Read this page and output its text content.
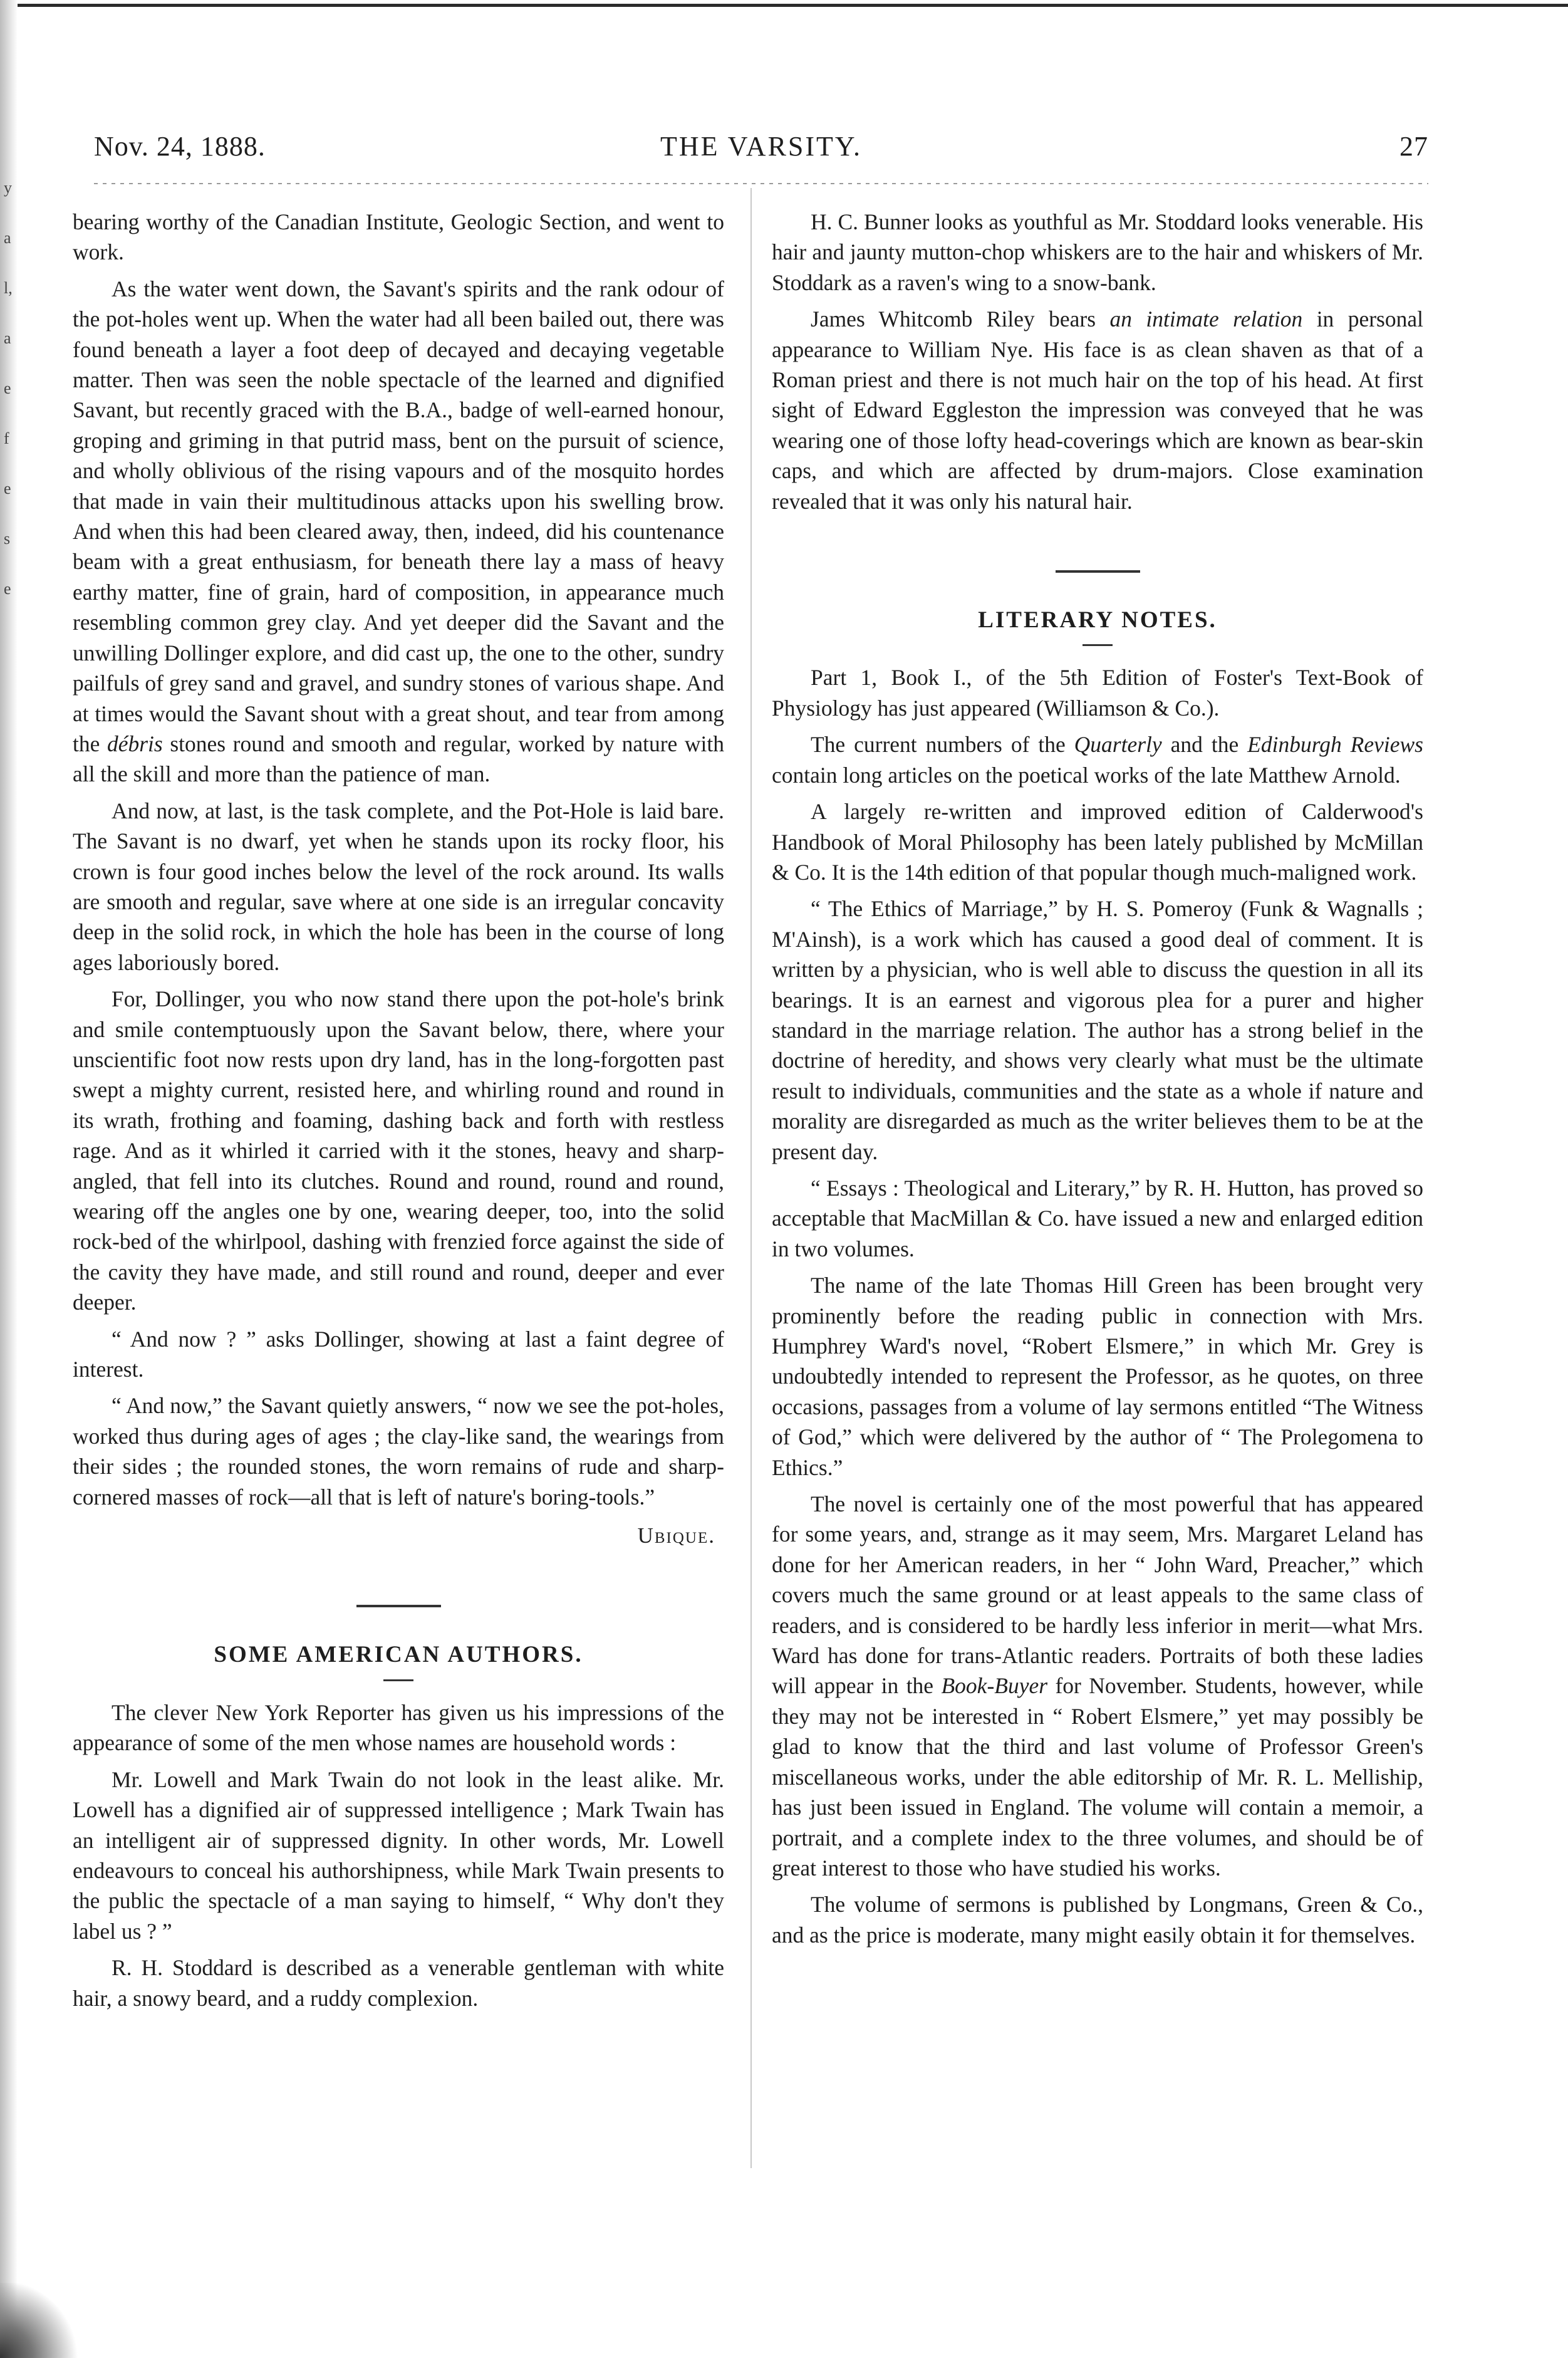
y
a
l,
a
e
f
e
s
e
THE VARSITY.
Nov. 24, 1888.	27

bearing worthy of the Canadian Institute, Geologic Section, and went to work.

As the water went down, the Savant's spirits and the rank odour of the pot-holes went up. When the water had all been bailed out, there was found beneath a layer a foot deep of decayed and decaying vegetable matter. Then was seen the noble spectacle of the learned and dignified Savant, but recently graced with the B.A., badge of well-earned honour, groping and griming in that putrid mass, bent on the pursuit of science, and wholly oblivious of the rising vapours and of the mosquito hordes that made in vain their multitudinous attacks upon his swelling brow. And when this had been cleared away, then, indeed, did his countenance beam with a great enthusiasm, for beneath there lay a mass of heavy earthy matter, fine of grain, hard of composition, in appearance much resembling common grey clay. And yet deeper did the Savant and the unwilling Dollinger explore, and did cast up, the one to the other, sundry pailfuls of grey sand and gravel, and sundry stones of various shape. And at times would the Savant shout with a great shout, and tear from among the débris stones round and smooth and regular, worked by nature with all the skill and more than the patience of man.

And now, at last, is the task complete, and the Pot-Hole is laid bare. The Savant is no dwarf, yet when he stands upon its rocky floor, his crown is four good inches below the level of the rock around. Its walls are smooth and regular, save where at one side is an irregular concavity deep in the solid rock, in which the hole has been in the course of long ages laboriously bored.

For, Dollinger, you who now stand there upon the pot-hole's brink and smile contemptuously upon the Savant below, there, where your unscientific foot now rests upon dry land, has in the long-forgotten past swept a mighty current, resisted here, and whirling round and round in its wrath, frothing and foaming, dashing back and forth with restless rage. And as it whirled it carried with it the stones, heavy and sharp-angled, that fell into its clutches. Round and round, round and round, wearing off the angles one by one, wearing deeper, too, into the solid rock-bed of the whirlpool, dashing with frenzied force against the side of the cavity they have made, and still round and round, deeper and ever deeper.

“ And now ? ” asks Dollinger, showing at last a faint degree of interest.

“ And now,” the Savant quietly answers, “ now we see the pot-holes, worked thus during ages of ages ; the clay-like sand, the wearings from their sides ; the rounded stones, the worn remains of rude and sharp-cornered masses of rock—all that is left of nature's boring-tools.”

Ubique.
SOME AMERICAN AUTHORS.

The clever New York Reporter has given us his impressions of the appearance of some of the men whose names are household words :

Mr. Lowell and Mark Twain do not look in the least alike. Mr. Lowell has a dignified air of suppressed intelligence ; Mark Twain has an intelligent air of suppressed dignity. In other words, Mr. Lowell endeavours to conceal his authorshipness, while Mark Twain presents to the public the spectacle of a man saying to himself, “ Why don't they label us ? ”

R. H. Stoddard is described as a venerable gentleman with white hair, a snowy beard, and a ruddy complexion.

H. C. Bunner looks as youthful as Mr. Stoddard looks venerable. His hair and jaunty mutton-chop whiskers are to the hair and whiskers of Mr. Stoddark as a raven's wing to a snow-bank.

James Whitcomb Riley bears an intimate relation in personal appearance to William Nye. His face is as clean shaven as that of a Roman priest and there is not much hair on the top of his head. At first sight of Edward Eggleston the impression was conveyed that he was wearing one of those lofty head-coverings which are known as bear-skin caps, and which are affected by drum-majors. Close examination revealed that it was only his natural hair.

LITERARY NOTES.

Part 1, Book I., of the 5th Edition of Foster's Text-Book of Physiology has just appeared (Williamson & Co.).

The current numbers of the Quarterly and the Edinburgh Reviews contain long articles on the poetical works of the late Matthew Arnold.

A largely re-written and improved edition of Calderwood's Handbook of Moral Philosophy has been lately published by McMillan & Co. It is the 14th edition of that popular though much-maligned work.

“ The Ethics of Marriage,” by H. S. Pomeroy (Funk & Wagnalls ; M'Ainsh), is a work which has caused a good deal of comment. It is written by a physician, who is well able to discuss the question in all its bearings. It is an earnest and vigorous plea for a purer and higher standard in the marriage relation. The author has a strong belief in the doctrine of heredity, and shows very clearly what must be the ultimate result to individuals, communities and the state as a whole if nature and morality are disregarded as much as the writer believes them to be at the present day.

“ Essays : Theological and Literary,” by R. H. Hutton, has proved so acceptable that MacMillan & Co. have issued a new and enlarged edition in two volumes.

The name of the late Thomas Hill Green has been brought very prominently before the reading public in connection with Mrs. Humphrey Ward's novel, “Robert Elsmere,” in which Mr. Grey is undoubtedly intended to represent the Professor, as he quotes, on three occasions, passages from a volume of lay sermons entitled “The Witness of God,” which were delivered by the author of “ The Prolegomena to Ethics.”

The novel is certainly one of the most powerful that has appeared for some years, and, strange as it may seem, Mrs. Margaret Leland has done for her American readers, in her “ John Ward, Preacher,” which covers much the same ground or at least appeals to the same class of readers, and is considered to be hardly less inferior in merit—what Mrs. Ward has done for trans-Atlantic readers. Portraits of both these ladies will appear in the Book-Buyer for November. Students, however, while they may not be interested in “ Robert Elsmere,” yet may possibly be glad to know that the third and last volume of Professor Green's miscellaneous works, under the able editorship of Mr. R. L. Melliship, has just been issued in England. The volume will contain a memoir, a portrait, and a complete index to the three volumes, and should be of great interest to those who have studied his works.

The volume of sermons is published by Longmans, Green & Co., and as the price is moderate, many might easily obtain it for themselves.
